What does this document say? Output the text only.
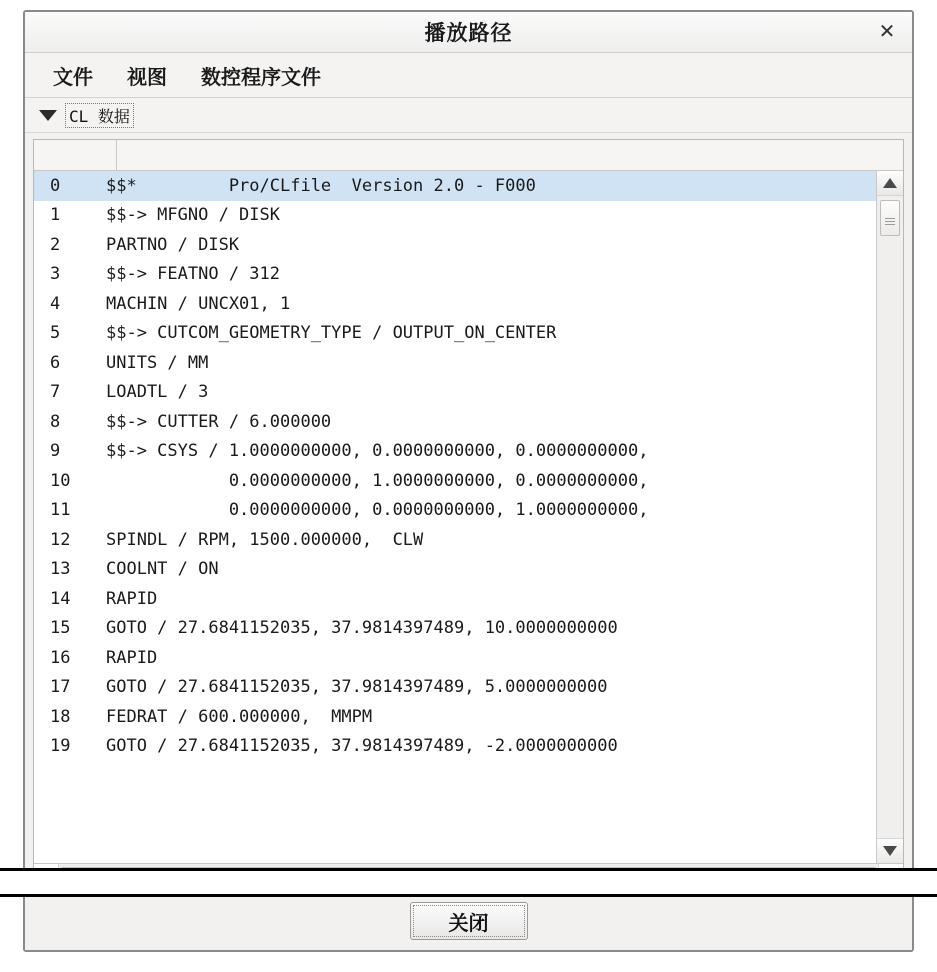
播放路径	✕
文件 视图 数控程序文件
CL 数据
0	$$*         Pro/CLfile  Version 2.0 - F000
1	$$-> MFGNO / DISK
2	PARTNO / DISK
3	$$-> FEATNO / 312
4	MACHIN / UNCX01, 1
5	$$-> CUTCOM_GEOMETRY_TYPE / OUTPUT_ON_CENTER
6	UNITS / MM
7	LOADTL / 3
8	$$-> CUTTER / 6.000000
9	$$-> CSYS / 1.0000000000, 0.0000000000, 0.0000000000,
10	0.0000000000, 1.0000000000, 0.0000000000,
11	0.0000000000, 0.0000000000, 1.0000000000,
12	SPINDL / RPM, 1500.000000,  CLW
13	COOLNT / ON
14	RAPID
15	GOTO / 27.6841152035, 37.9814397489, 10.0000000000
16	RAPID
17	GOTO / 27.6841152035, 37.9814397489, 5.0000000000
18	FEDRAT / 600.000000,  MMPM
19	GOTO / 27.6841152035, 37.9814397489, -2.0000000000
关闭
